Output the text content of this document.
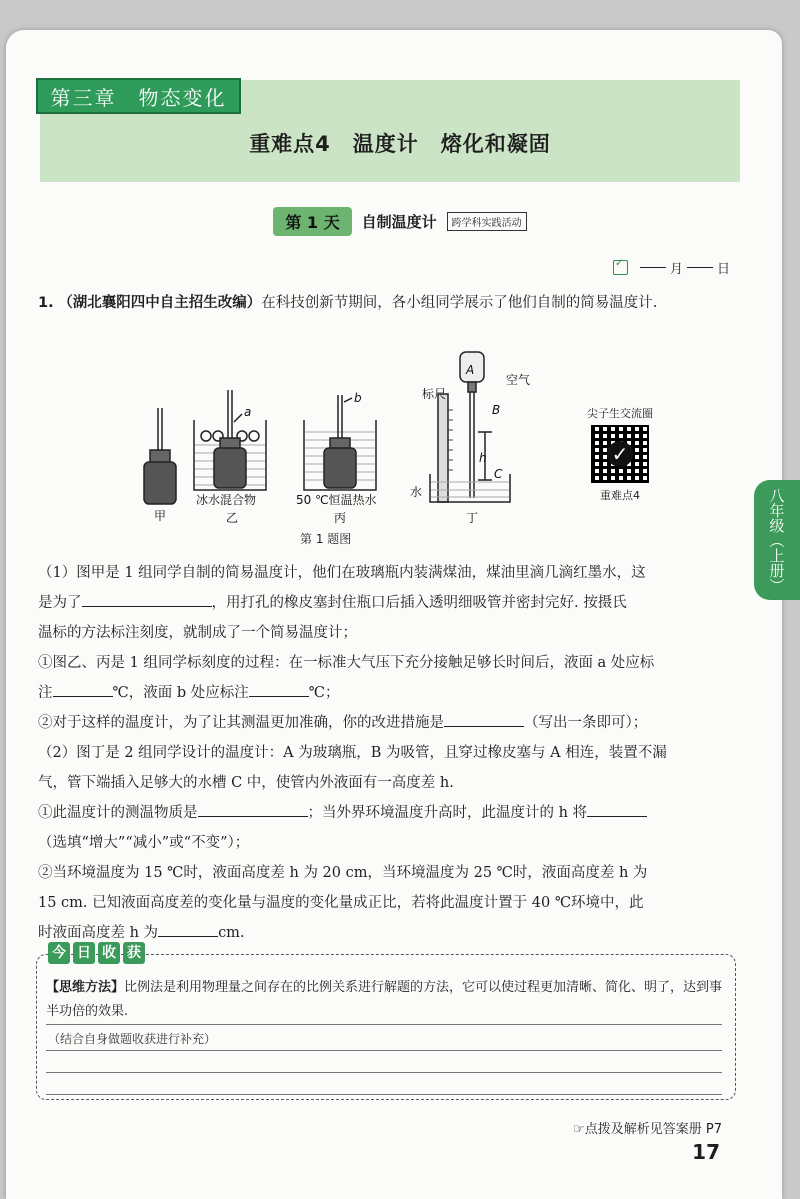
第三章　物态变化
重难点4　温度计　熔化和凝固
第 1 天	自制温度计	跨学科实践活动
✓
月	日
1. （湖北襄阳四中自主招生改编）在科技创新节期间，各小组同学展示了他们自制的简易温度计.
甲
冰水混合物
乙
50 ℃恒温热水
丙	丁
标尺
空气
水
A
B
C
h
a
b
第 1 题图
尖子生交流圈
✓
重难点4	八年级（上册）
（1）图甲是 1 组同学自制的简易温度计，他们在玻璃瓶内装满煤油，煤油里滴几滴红墨水，这
是为了	，用打孔的橡皮塞封住瓶口后插入透明细吸管并密封完好. 按摄氏
温标的方法标注刻度，就制成了一个简易温度计；
①图乙、丙是 1 组同学标刻度的过程：在一标准大气压下充分接触足够长时间后，液面 a 处应标
注	℃，液面 b 处应标注	℃；
②对于这样的温度计，为了让其测温更加准确，你的改进措施是	（写出一条即可）；
（2）图丁是 2 组同学设计的温度计：A 为玻璃瓶，B 为吸管，且穿过橡皮塞与 A 相连，装置不漏
气，管下端插入足够大的水槽 C 中，使管内外液面有一高度差 h.
①此温度计的测温物质是	；当外界环境温度升高时，此温度计的 h 将
（选填“增大”“减小”或“不变”）；
②当环境温度为 15 ℃时，液面高度差 h 为 20 cm，当环境温度为 25 ℃时，液面高度差 h 为
15 cm. 已知液面高度差的变化量与温度的变化量成正比，若将此温度计置于 40 ℃环境中，此
时液面高度差 h 为	cm.
今 日 收 获
【思维方法】比例法是利用物理量之间存在的比例关系进行解题的方法，它可以使过程更加清晰、简化、明了，达到事半功倍的效果.
（结合自身做题收获进行补充）
☞点拨及解析见答案册 P7
17
